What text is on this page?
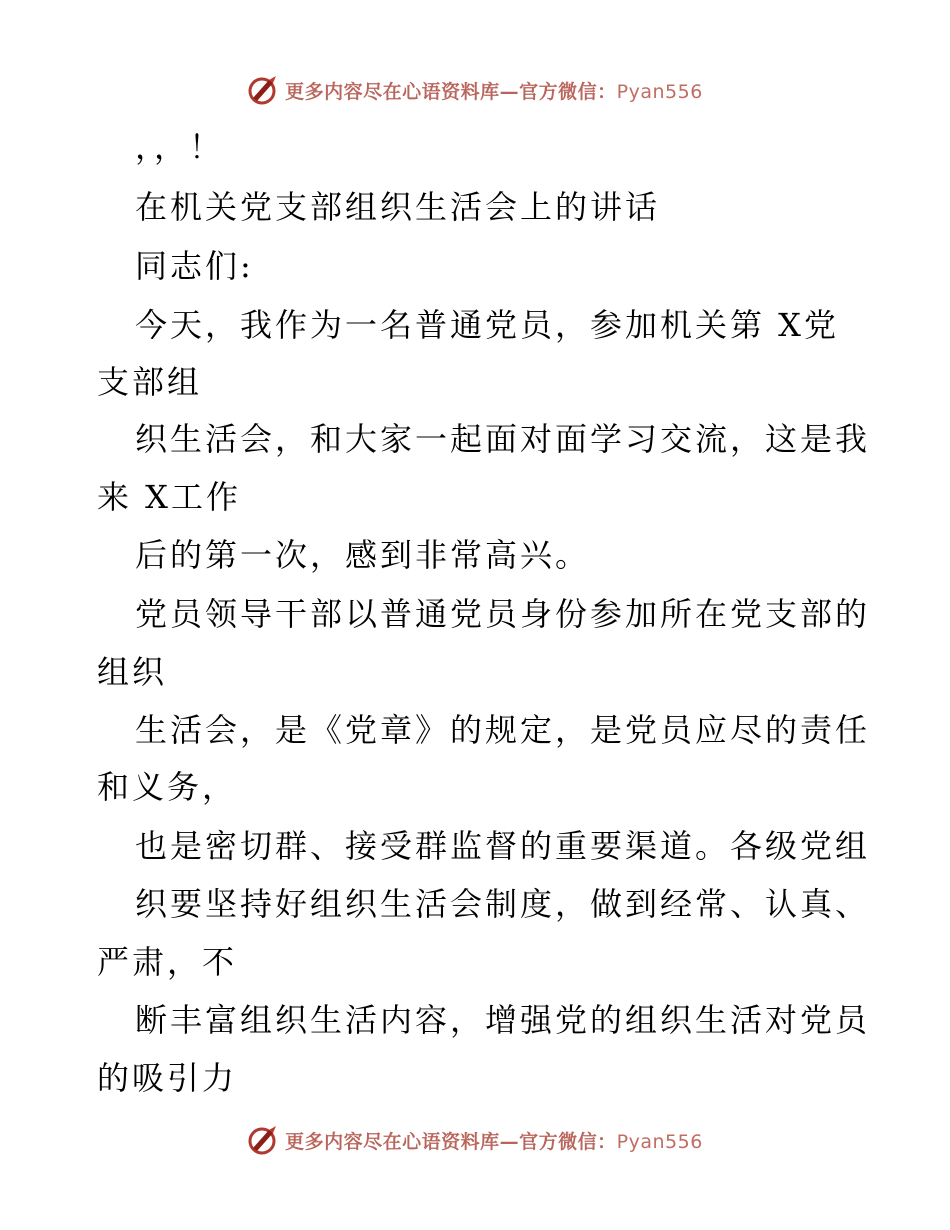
更多内容尽在心语资料库—官方微信：Pyan556
，，！
在机关党支部组织生活会上的讲话
同志们:
今天，我作为一名普通党员，参加机关第 X党
支部组
织生活会，和大家一起面对面学习交流，这是我
来 X工作
后的第一次，感到非常高兴。
党员领导干部以普通党员身份参加所在党支部的
组织
生活会，是《党章》的规定，是党员应尽的责任
和义务，
也是密切群、接受群监督的重要渠道。各级党组
织要坚持好组织生活会制度，做到经常、认真、
严肃，不
断丰富组织生活内容，增强党的组织生活对党员
的吸引力
更多内容尽在心语资料库—官方微信：Pyan556
